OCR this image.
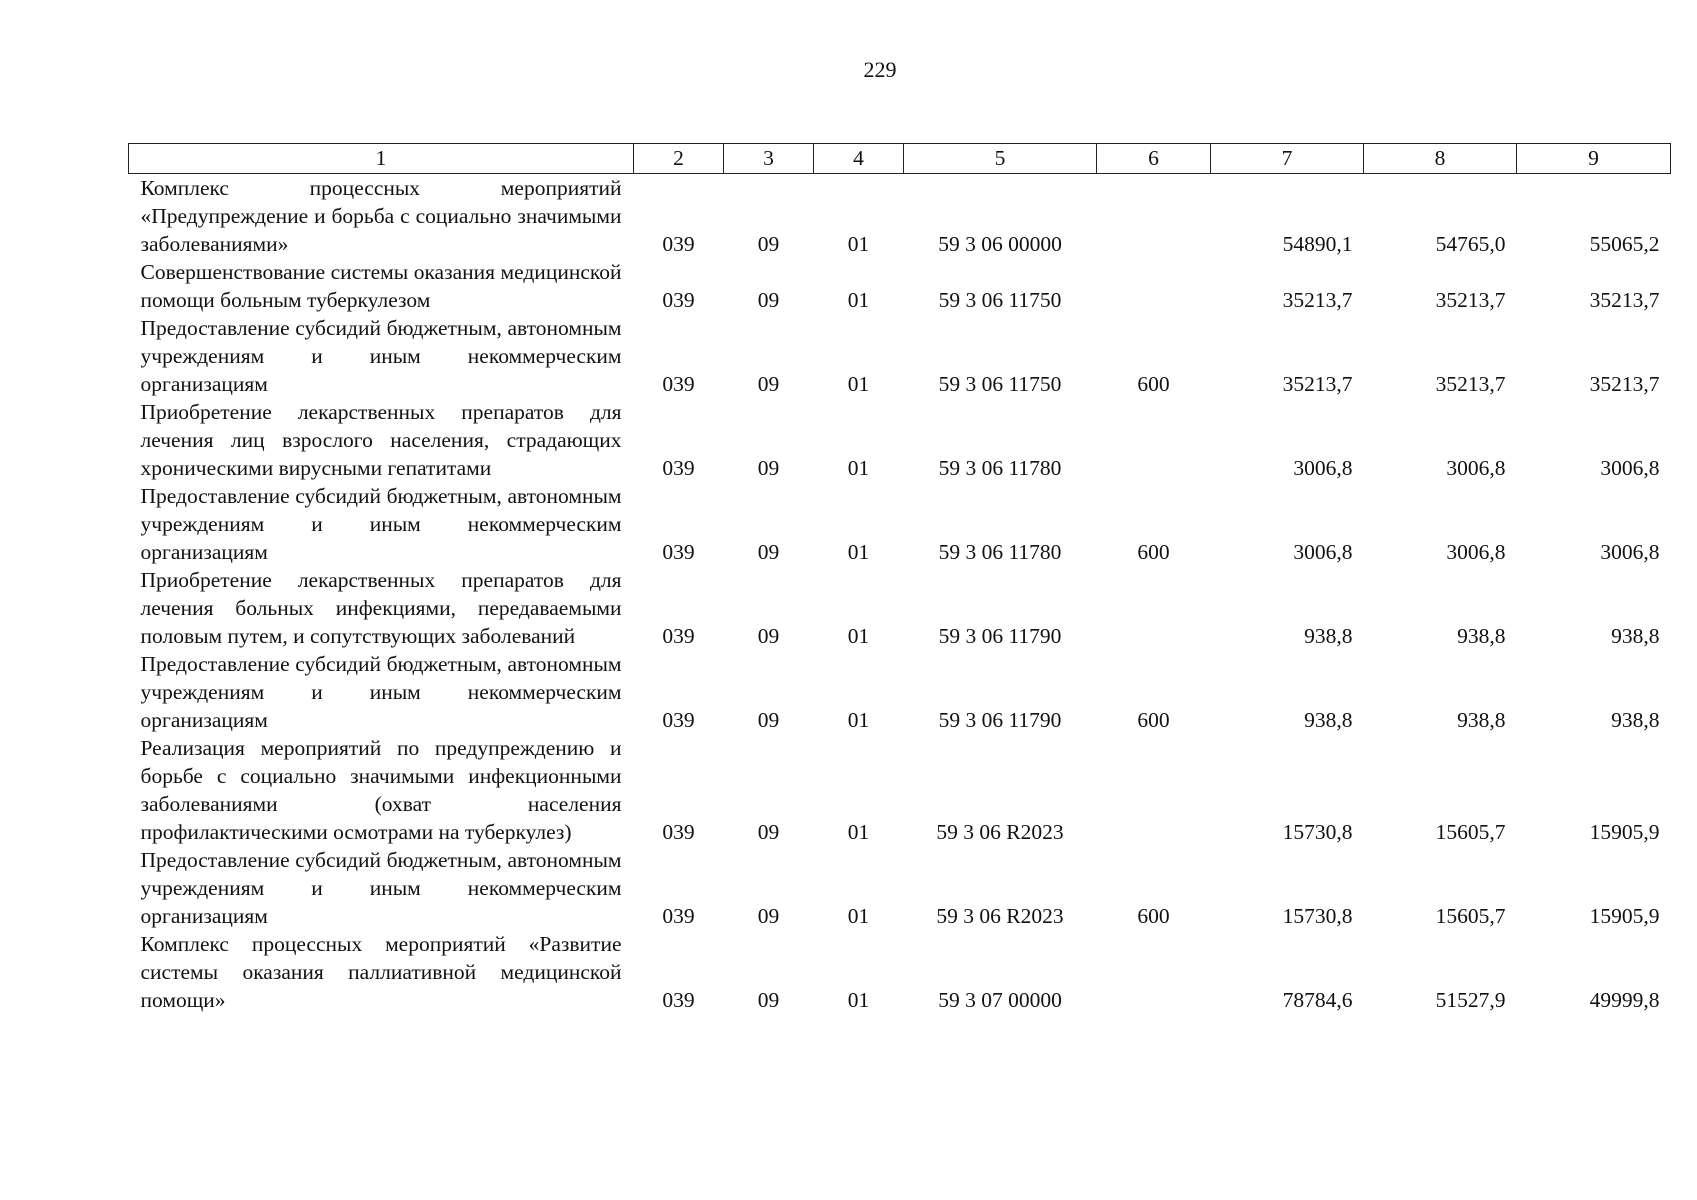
229
1	2	3	4	5	6	7	8	9
Комплекс процессных мероприятий «Предупреждение и борьба с социально значимыми заболеваниями»	039	09	01	59 3 06 00000		54890,1	54765,0	55065,2
Совершенствование системы оказания медицинской помощи больным туберкулезом	039	09	01	59 3 06 11750		35213,7	35213,7	35213,7
Предоставление субсидий бюджетным, автономным учреждениям и иным некоммерческим организациям	039	09	01	59 3 06 11750	600	35213,7	35213,7	35213,7
Приобретение лекарственных препаратов для лечения лиц взрослого населения, страдающих хроническими вирусными гепатитами	039	09	01	59 3 06 11780		3006,8	3006,8	3006,8
Предоставление субсидий бюджетным, автономным учреждениям и иным некоммерческим организациям	039	09	01	59 3 06 11780	600	3006,8	3006,8	3006,8
Приобретение лекарственных препаратов для лечения больных инфекциями, передаваемыми половым путем, и сопутствующих заболеваний	039	09	01	59 3 06 11790		938,8	938,8	938,8
Предоставление субсидий бюджетным, автономным учреждениям и иным некоммерческим организациям	039	09	01	59 3 06 11790	600	938,8	938,8	938,8
Реализация мероприятий по предупреждению и борьбе с социально значимыми инфекционными заболеваниями (охват населения профилактическими осмотрами на туберкулез)	039	09	01	59 3 06 R2023		15730,8	15605,7	15905,9
Предоставление субсидий бюджетным, автономным учреждениям и иным некоммерческим организациям	039	09	01	59 3 06 R2023	600	15730,8	15605,7	15905,9
Комплекс процессных мероприятий «Развитие системы оказания паллиативной медицинской помощи»	039	09	01	59 3 07 00000		78784,6	51527,9	49999,8
